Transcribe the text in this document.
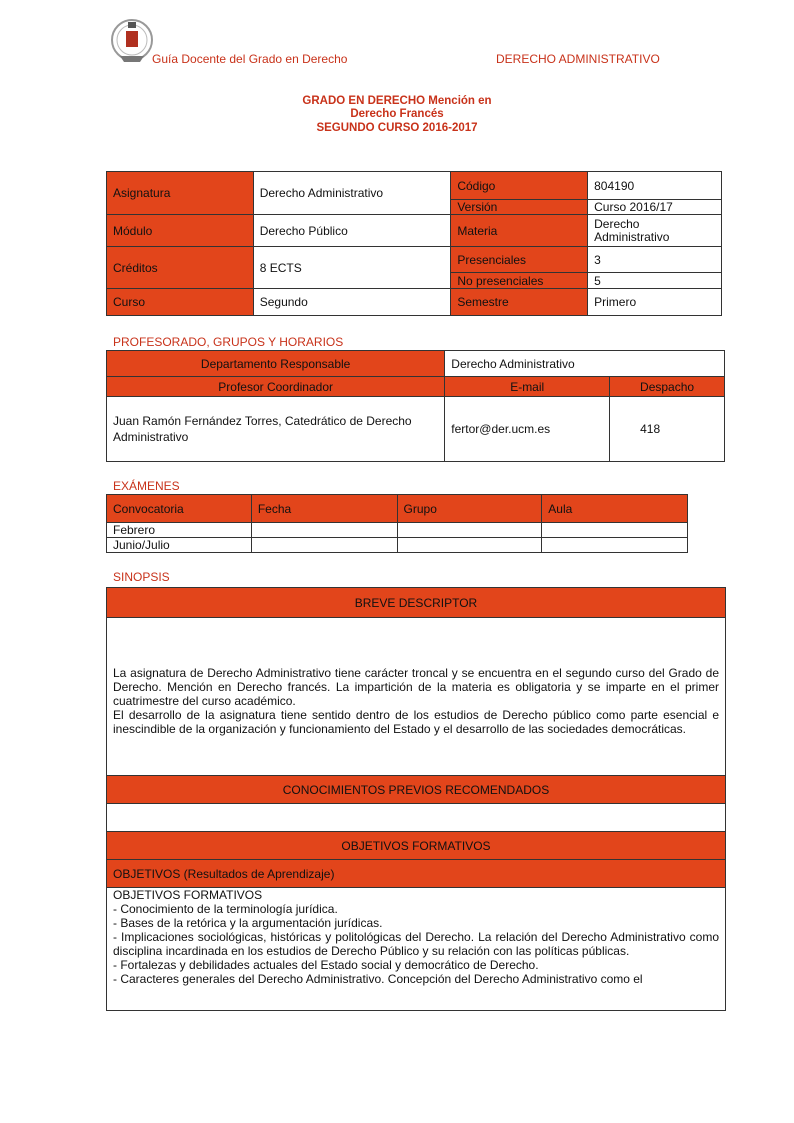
Guía Docente del Grado en Derecho	DERECHO ADMINISTRATIVO
GRADO EN DERECHO Mención en
Derecho Francés
SEGUNDO CURSO 2016-2017
Asignatura	Derecho Administrativo	Código	804190
		Versión	Curso 2016/17
Módulo	Derecho Público	Materia	Derecho Administrativo
Créditos	8 ECTS	Presenciales	3
		No presenciales	5
Curso	Segundo	Semestre	Primero
PROFESORADO, GRUPOS Y HORARIOS
Departamento Responsable	Derecho Administrativo	
Profesor Coordinador	E-mail	Despacho
Juan Ramón Fernández Torres, Catedrático de Derecho Administrativo	fertor@der.ucm.es	418
EXÁMENES
Convocatoria	Fecha	Grupo	Aula
Febrero			
Junio/Julio			
SINOPSIS
BREVE DESCRIPTOR

La asignatura de Derecho Administrativo tiene carácter troncal y se encuentra en el segundo curso del Grado de Derecho. Mención en Derecho francés. La impartición de la materia es obligatoria y se imparte en el primer cuatrimestre del curso académico.
El desarrollo de la asignatura tiene sentido dentro de los estudios de Derecho público como parte esencial e inescindible de la organización y funcionamiento del Estado y el desarrollo de las sociedades democráticas.

CONOCIMIENTOS PREVIOS RECOMENDADOS

OBJETIVOS FORMATIVOS
OBJETIVOS (Resultados de Aprendizaje)

OBJETIVOS FORMATIVOS
- Conocimiento de la terminología jurídica.
- Bases de la retórica y la argumentación jurídicas.
- Implicaciones sociológicas, históricas y politológicas del Derecho. La relación del Derecho Administrativo como disciplina incardinada en los estudios de Derecho Público y su relación con las políticas públicas.
- Fortalezas y debilidades actuales del Estado social y democrático de Derecho.
- Caracteres generales del Derecho Administrativo. Concepción del Derecho Administrativo como el
